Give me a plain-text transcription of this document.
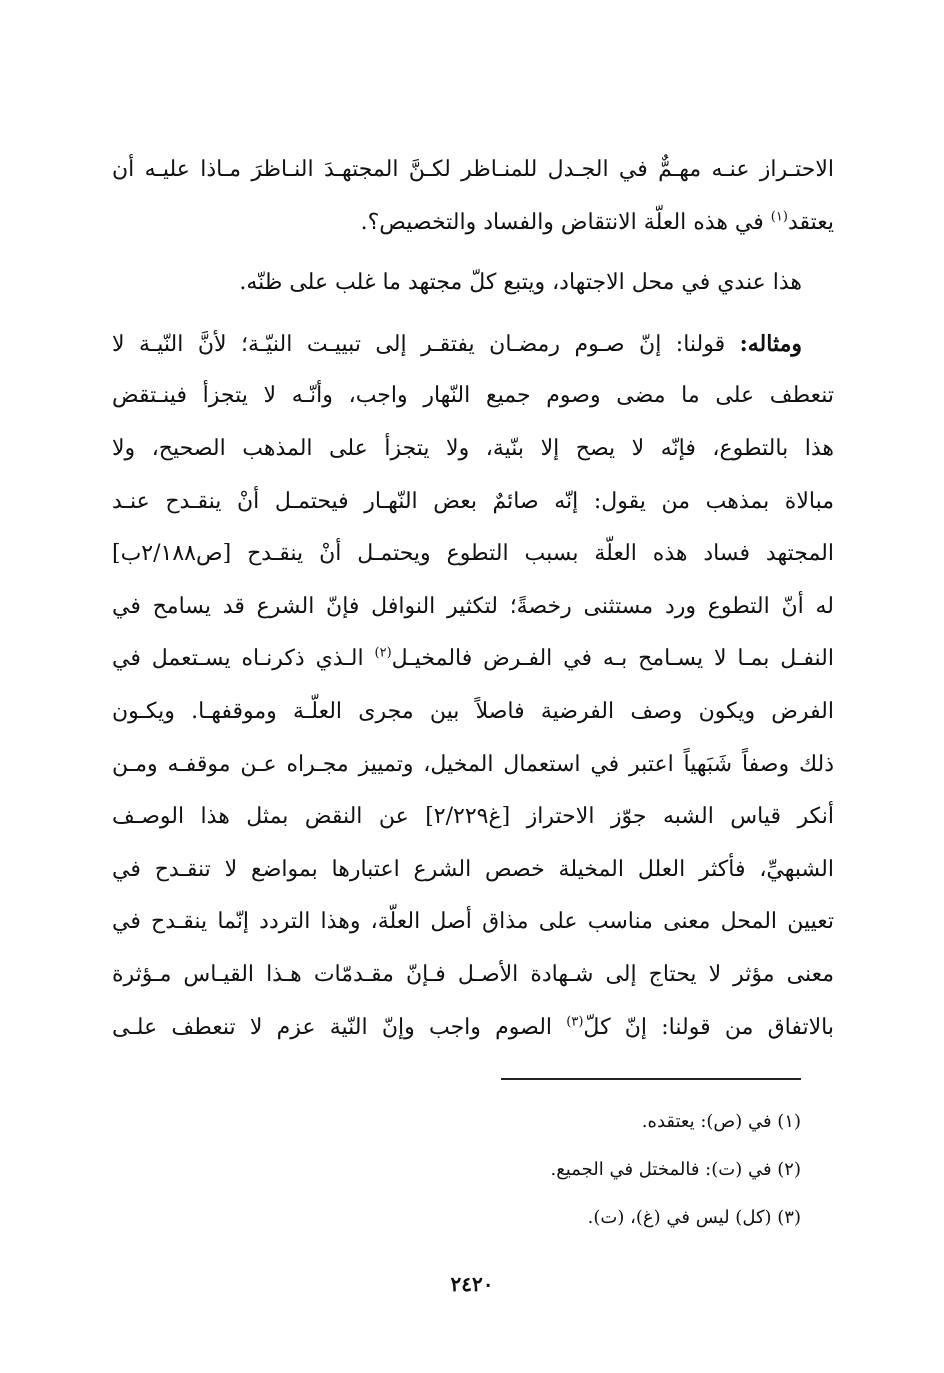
الاحتـراز عنـه مهـمٌّ في الجـدل للمنـاظر لكـنَّ المجتهـدَ النـاظرَ مـاذا عليـه أن
يعتقد$^{(١)}$ في هذه العلّة الانتقاض والفساد والتخصيص؟.
هذا عندي في محل الاجتهاد، ويتبع كلّ مجتهد ما غلب على ظنّه.
ومثاله: قولنا: إنّ صـوم رمضـان يفتقـر إلى تبييـت النيّـة؛ لأنَّ النّيـة لا
تنعطف على ما مضى وصوم جميع النّهار واجب، وأنّـه لا يتجزأ فينـتقض
هذا بالتطوع، فإنّه لا يصح إلا بنّية، ولا يتجزأ على المذهب الصحيح، ولا
مبالاة بمذهب من يقول: إنّه صائمٌ بعض النّهـار فيحتمـل أنْ ينقـدح عنـد
المجتهد فساد هذه العلّة بسبب التطوع ويحتمـل أنْ ينقـدح [ص٢/١٨٨ب]
له أنّ التطوع ورد مستثنى رخصةً؛ لتكثير النوافل فإنّ الشرع قد يسامح في
النفـل بمـا لا يسـامح بـه في الفـرض فالمخيـل$^{(٢)}$ الـذي ذكرنـاه يسـتعمل في
الفرض ويكون وصف الفرضية فاصلاً بين مجرى العلّـة وموقفهـا. ويكـون
ذلك وصفاً شَبَهياً اعتبر في استعمال المخيل، وتمييز مجـراه عـن موقفـه ومـن
أنكر قياس الشبه جوّز الاحتراز [غ٢/٢٢٩] عن النقض بمثل هذا الوصـف
الشبهيِّ، فأكثر العلل المخيلة خصص الشرع اعتبارها بمواضع لا تنقـدح في
تعيين المحل معنى مناسب على مذاق أصل العلّة، وهذا التردد إنّما ينقـدح في
معنى مؤثر لا يحتاج إلى شـهادة الأصـل فـإنّ مقـدمّات هـذا القيـاس مـؤثرة
بالاتفاق من قولنا: إنّ كلّ$^{(٣)}$ الصوم واجب وإنّ النّية عزم لا تنعطف علـى
(١) في (ص): يعتقده.
(٢) في (ت): فالمختل في الجميع.
(٣) (كل) ليس في (غ)، (ت).
٢٤٢٠
